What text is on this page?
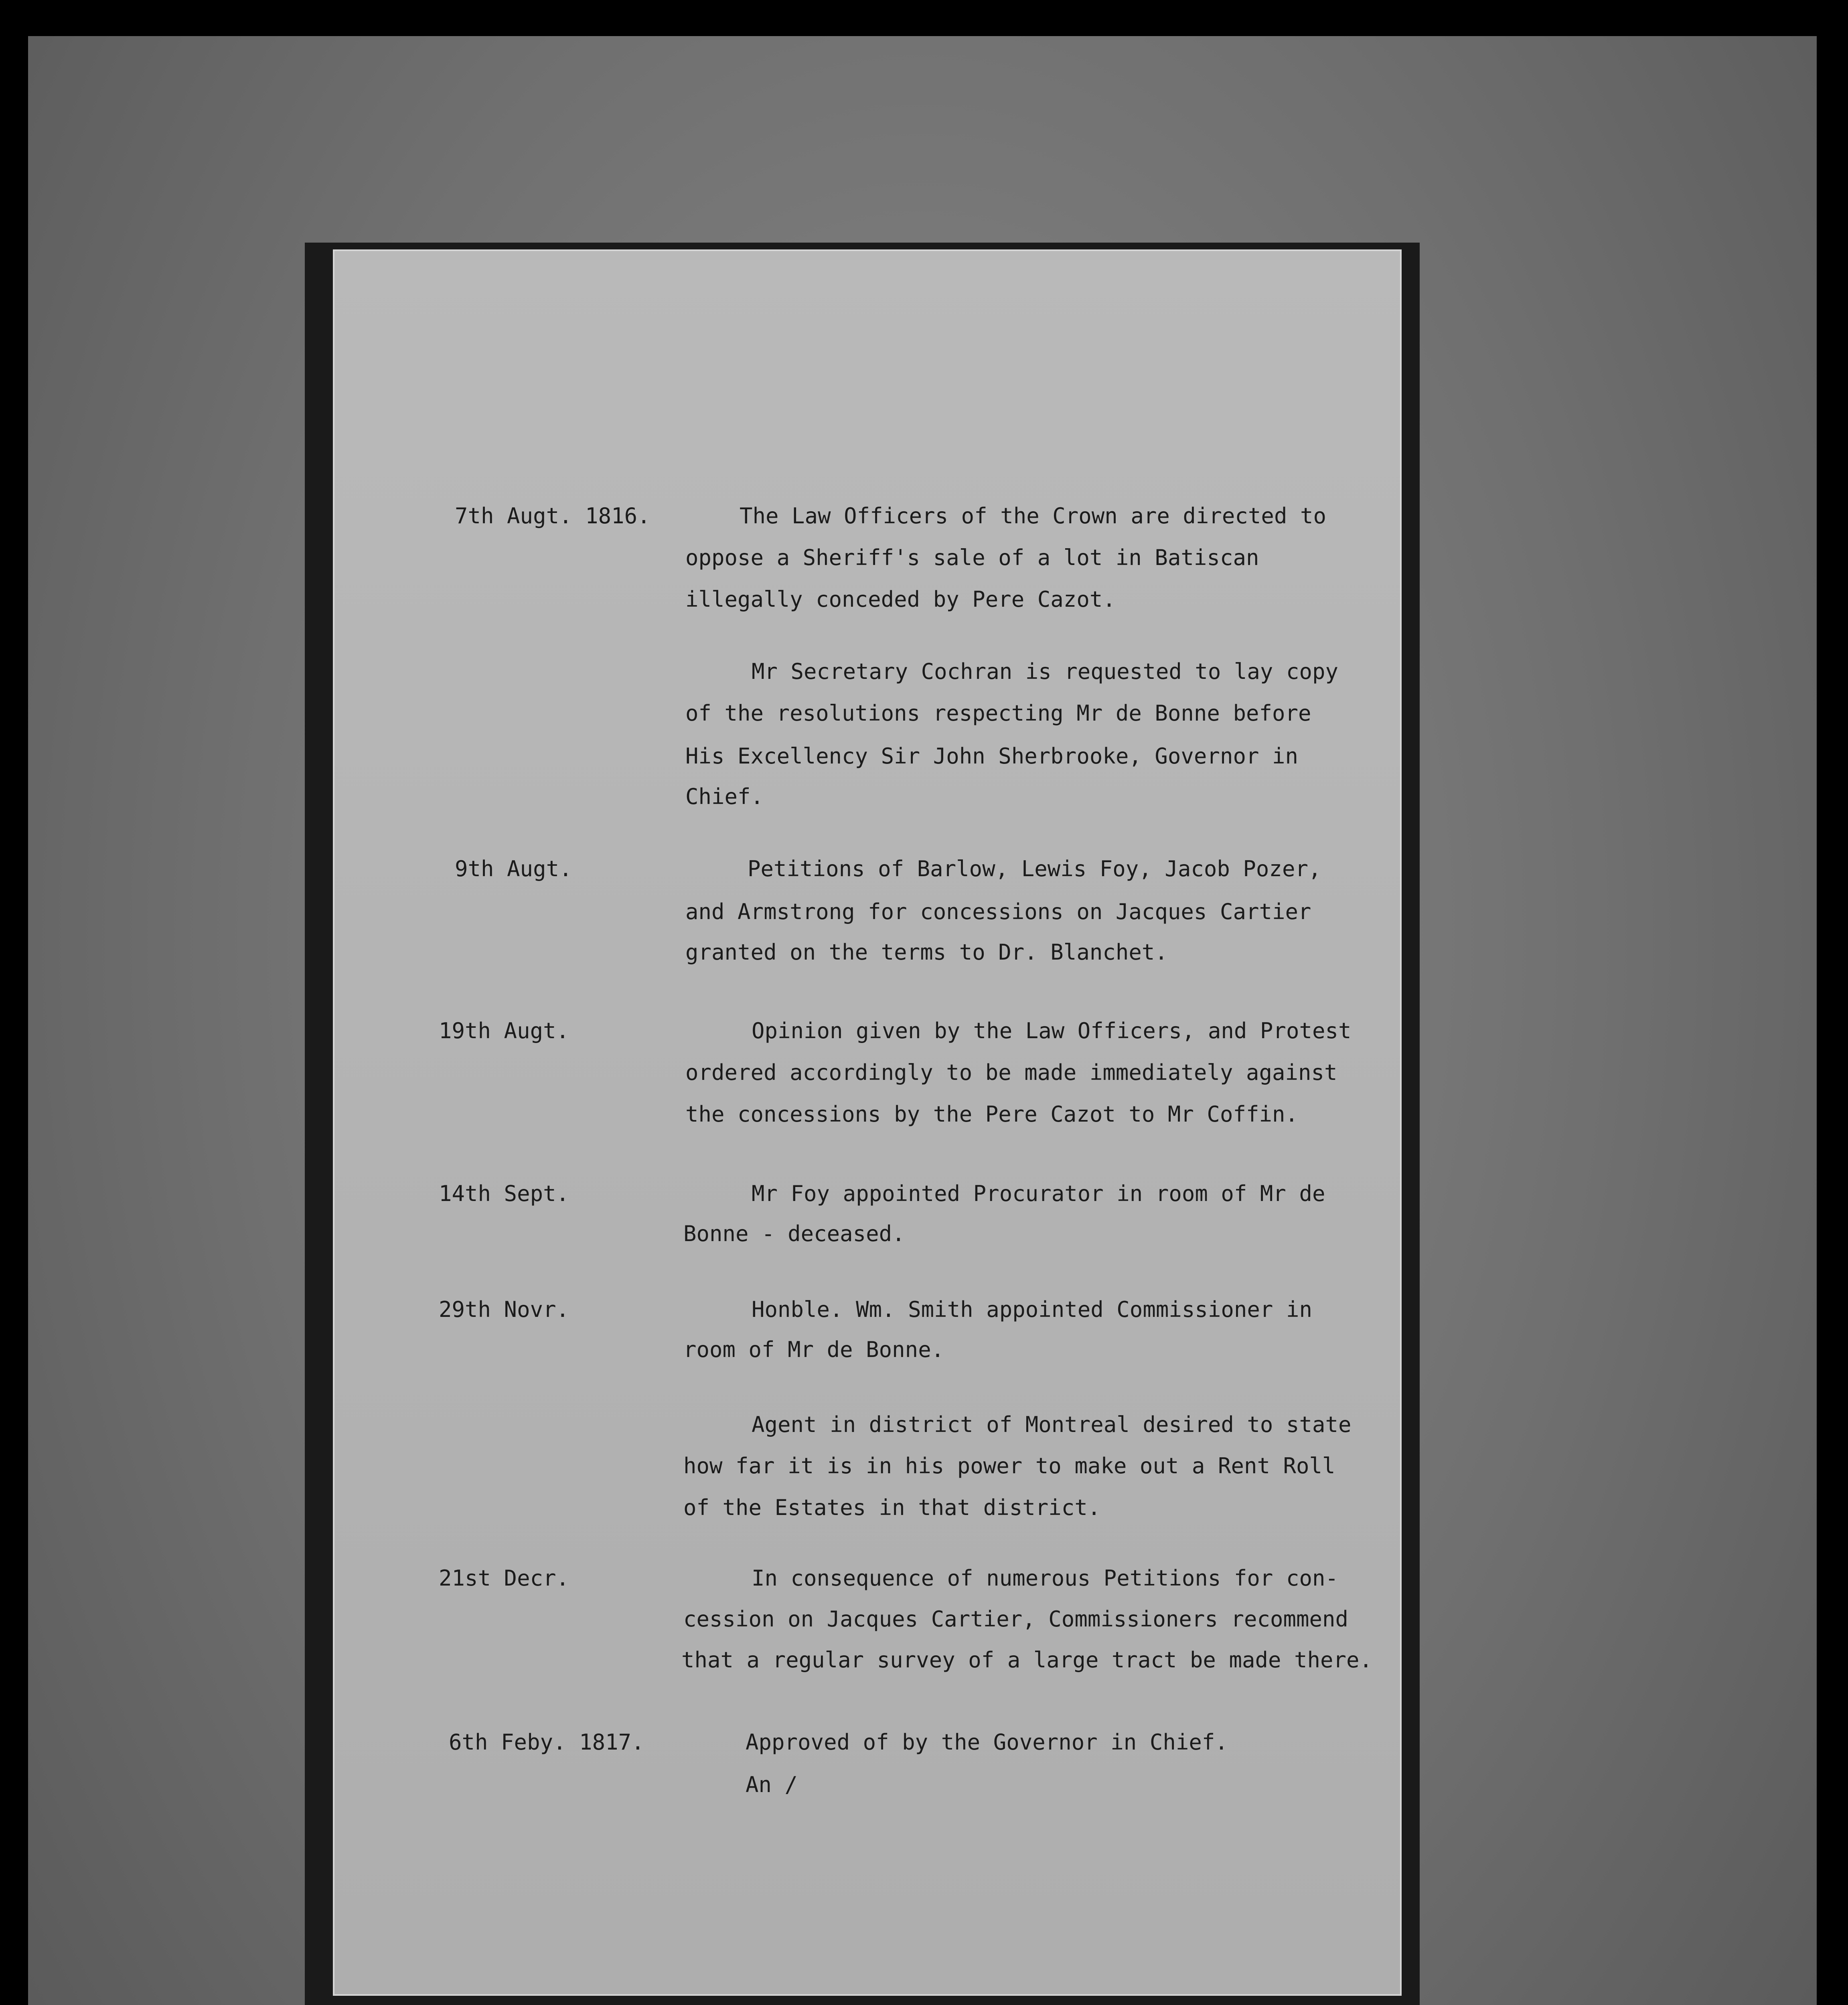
7th Augt. 1816.	The Law Officers of the Crown are directed to
oppose a Sheriff's sale of a lot in Batiscan
illegally conceded by Pere Cazot.
Mr Secretary Cochran is requested to lay copy
of the resolutions respecting Mr de Bonne before
His Excellency Sir John Sherbrooke, Governor in
Chief.
9th Augt.	Petitions of Barlow, Lewis Foy, Jacob Pozer,
and Armstrong for concessions on Jacques Cartier
granted on the terms to Dr. Blanchet.
19th Augt.	Opinion given by the Law Officers, and Protest
ordered accordingly to be made immediately against
the concessions by the Pere Cazot to Mr Coffin.
14th Sept.	Mr Foy appointed Procurator in room of Mr de
Bonne - deceased.
29th Novr.	Honble. Wm. Smith appointed Commissioner in
room of Mr de Bonne.
Agent in district of Montreal desired to state
how far it is in his power to make out a Rent Roll
of the Estates in that district.
21st Decr.	In consequence of numerous Petitions for con-
cession on Jacques Cartier, Commissioners recommend
that a regular survey of a large tract be made there.
6th Feby. 1817.	Approved of by the Governor in Chief.
An /
